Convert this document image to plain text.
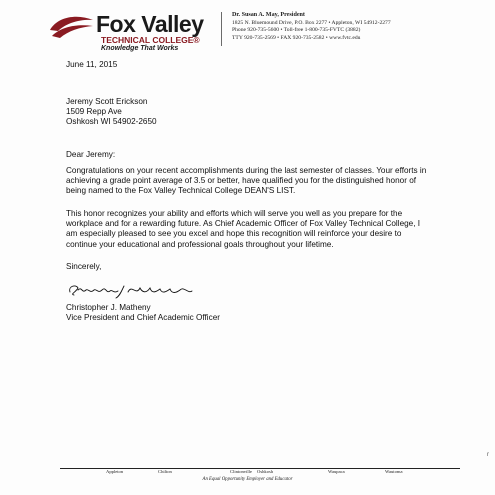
Fox Valley
TECHNICAL COLLEGE®
Knowledge That Works
Dr. Susan A. May, President
1825 N. Bluemound Drive, P.O. Box 2277 • Appleton, WI 54912-2277
Phone 920-735-5600 • Toll-free 1-800-735-FVTC (3882)
TTY 920-735-2569 • FAX 920-735-2582 • www.fvtc.edu
June 11, 2015
Jeremy Scott Erickson
1509 Repp Ave
Oshkosh WI 54902-2650
Dear Jeremy:
Congratulations on your recent accomplishments during the last semester of classes. Your efforts in achieving a grade point average of 3.5 or better, have qualified you for the distinguished honor of being named to the Fox Valley Technical College DEAN'S LIST.
This honor recognizes your ability and efforts which will serve you well as you prepare for the workplace and for a rewarding future. As Chief Academic Officer of Fox Valley Technical College, I am especially pleased to see you excel and hope this recognition will reinforce your desire to continue your educational and professional goals throughout your lifetime.
Sincerely,
Christopher J. Matheny
Vice President and Chief Academic Officer
Appleton	Chilton	Clintonville Oshkosh	Waupaca	Wautoma
An Equal Opportunity Employer and Educator
r
